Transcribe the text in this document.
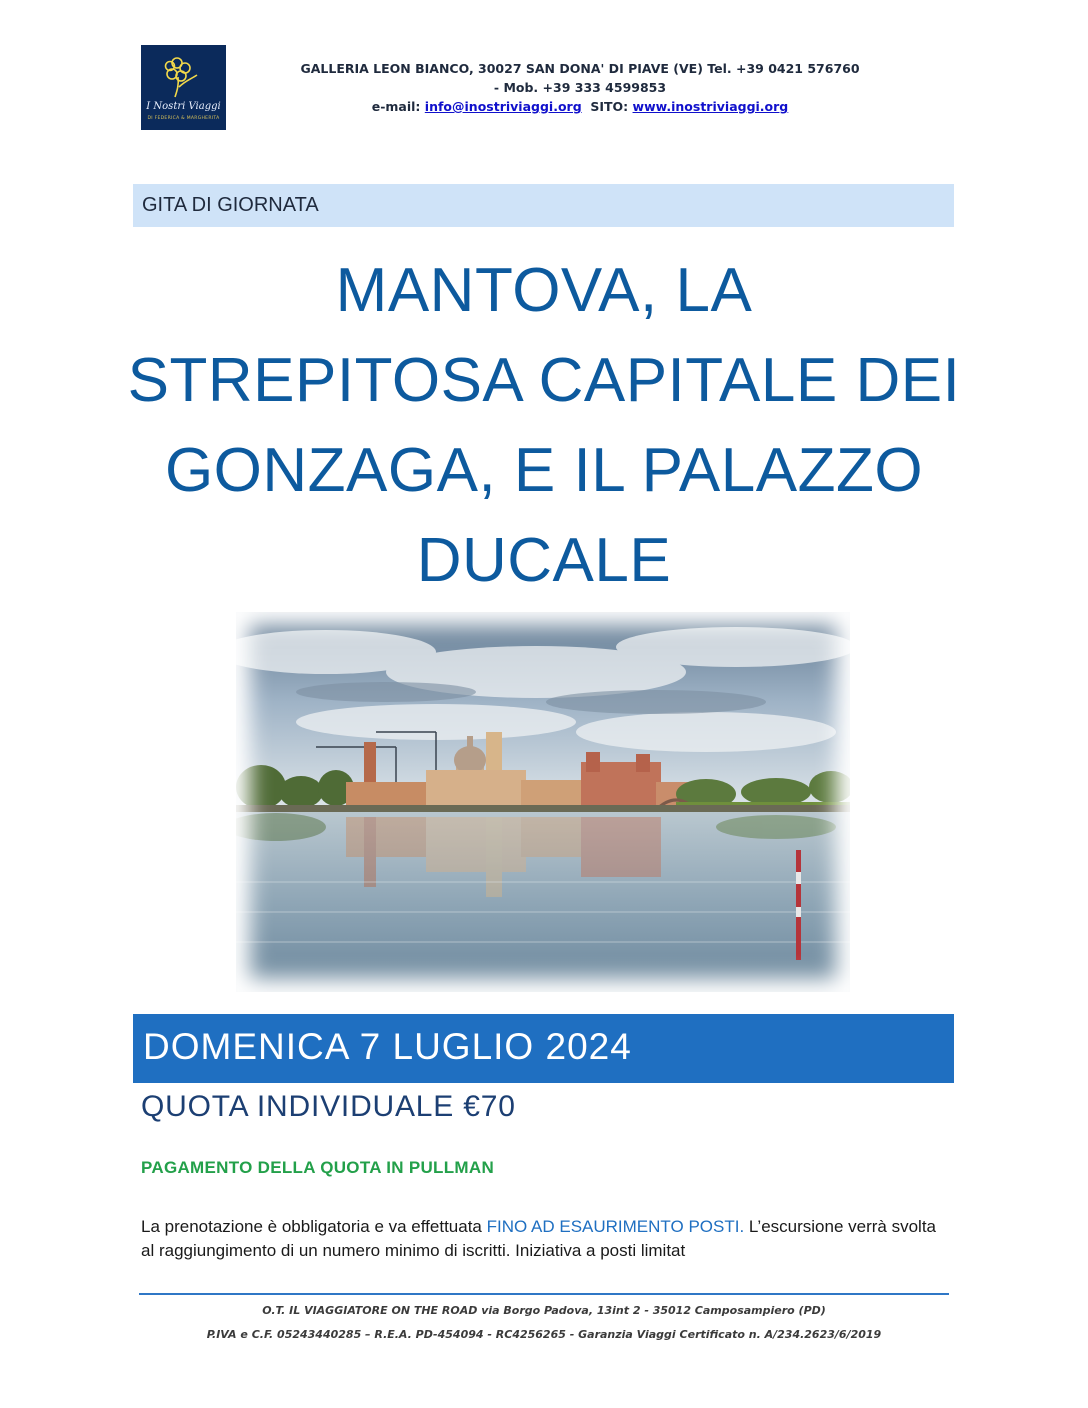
I Nostri Viaggi
DI FEDERICA & MARGHERITA
GALLERIA LEON BIANCO, 30027 SAN DONA' DI PIAVE (VE) Tel. +39 0421 576760
- Mob. +39 333 4599853
e-mail: info@inostriviaggi.org SITO: www.inostriviaggi.org
GITA DI GIORNATA
MANTOVA, LA
STREPITOSA CAPITALE DEI
GONZAGA, E IL PALAZZO
DUCALE
DOMENICA 7 LUGLIO 2024
QUOTA INDIVIDUALE €70
PAGAMENTO DELLA QUOTA IN PULLMAN
La prenotazione è obbligatoria e va effettuata FINO AD ESAURIMENTO POSTI. L’escursione verrà svolta al raggiungimento di un numero minimo di iscritti. Iniziativa a posti limitat
O.T. IL VIAGGIATORE ON THE ROAD via Borgo Padova, 13int 2 - 35012 Camposampiero (PD)
P.IVA e C.F. 05243440285 – R.E.A. PD-454094 - RC4256265 - Garanzia Viaggi Certificato n. A/234.2623/6/2019
